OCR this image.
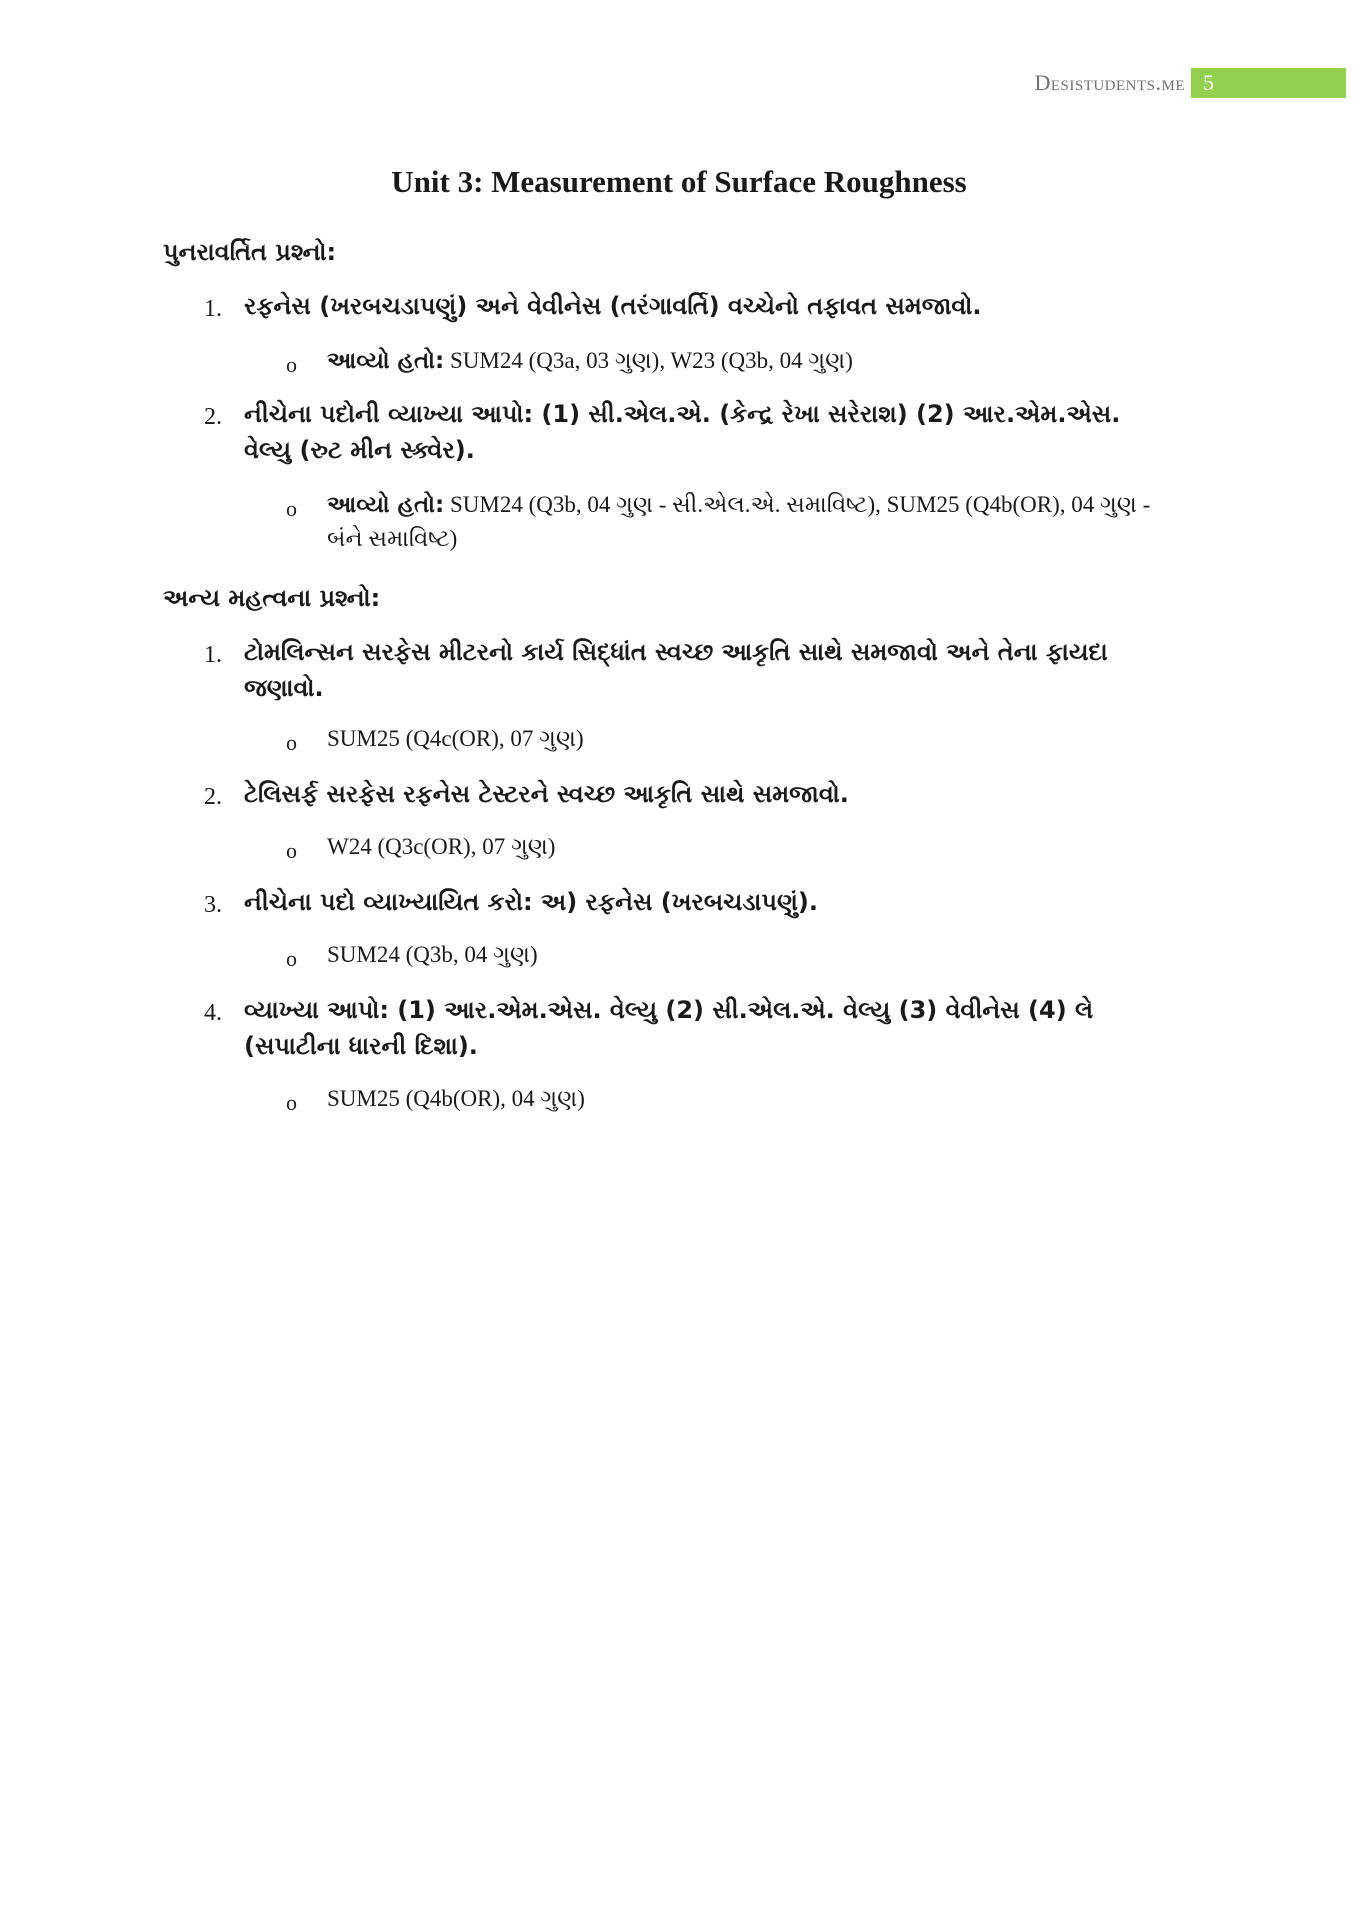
Desistudents.me 5
Unit 3: Measurement of Surface Roughness
પુનરાવર્તિત પ્રશ્નો:
1. રફનેસ (ખરબચડાપણું) અને વેવીનેસ (તરંગાવર્તિ) વચ્ચેનો તફાવત સમજાવો.
o આવ્યો હતો: SUM24 (Q3a, 03 ગુણ), W23 (Q3b, 04 ગુણ)
2. નીચેના પદોની વ્યાખ્યા આપો: (1) સી.એલ.એ. (કેન્દ્ર રેખા સરેરાશ) (2) આર.એમ.એસ. વેલ્યુ (રુટ મીન સ્ક્વેર).
o આવ્યો હતો: SUM24 (Q3b, 04 ગુણ - સી.એલ.એ. સમાવિષ્ટ), SUM25 (Q4b(OR), 04 ગુણ - બંને સમાવિષ્ટ)
અન્ય મહત્વના પ્રશ્નો:
1. ટોમલિન્સન સરફેસ મીટરનો કાર્ય સિદ્ધાંત સ્વચ્છ આકૃતિ સાથે સમજાવો અને તેના ફાયદા જણાવો.
o SUM25 (Q4c(OR), 07 ગુણ)
2. ટેલિસર્ફ સરફેસ રફનેસ ટેસ્ટરને સ્વચ્છ આકૃતિ સાથે સમજાવો.
o W24 (Q3c(OR), 07 ગુણ)
3. નીચેના પદો વ્યાખ્યાયિત કરો: અ) રફનેસ (ખરબચડાપણું).
o SUM24 (Q3b, 04 ગુણ)
4. વ્યાખ્યા આપો: (1) આર.એમ.એસ. વેલ્યુ (2) સી.એલ.એ. વેલ્યુ (3) વેવીનેસ (4) લે (સપાટીના ધારની દિશા).
o SUM25 (Q4b(OR), 04 ગુણ)
